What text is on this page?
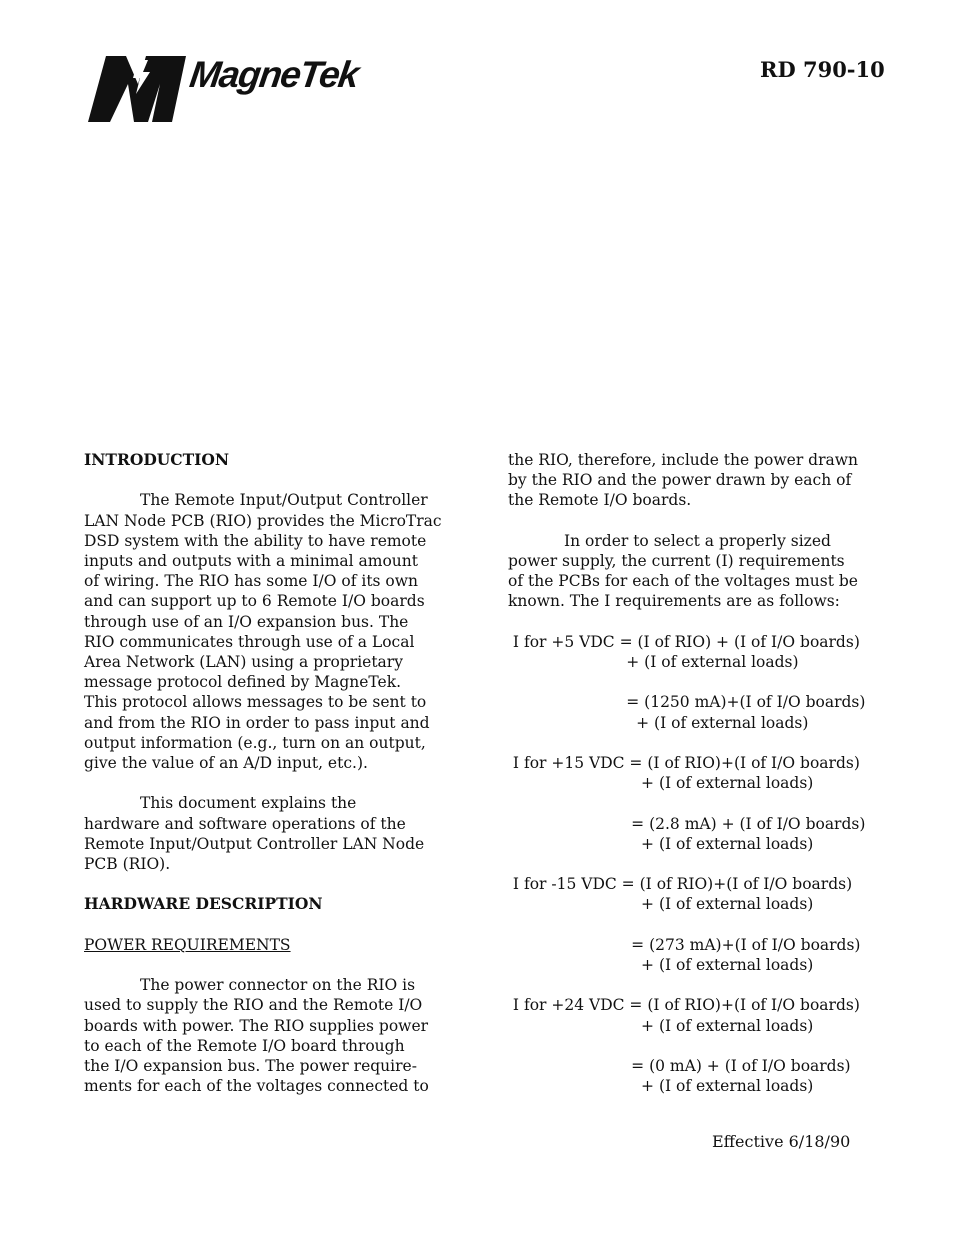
MagneTek	RD 790-10
INTRODUCTION

The Remote Input/Output Controller
LAN Node PCB (RIO) provides the MicroTrac
DSD system with the ability to have remote
inputs and outputs with a minimal amount
of wiring. The RIO has some I/O of its own
and can support up to 6 Remote I/O boards
through use of an I/O expansion bus. The
RIO communicates through use of a Local
Area Network (LAN) using a proprietary
message protocol defined by MagneTek.
This protocol allows messages to be sent to
and from the RIO in order to pass input and
output information (e.g., turn on an output,
give the value of an A/D input, etc.).

This document explains the
hardware and software operations of the
Remote Input/Output Controller LAN Node
PCB (RIO).

HARDWARE DESCRIPTION
POWER REQUIREMENTS

The power connector on the RIO is
used to supply the RIO and the Remote I/O
boards with power. The RIO supplies power
to each of the Remote I/O board through
the I/O expansion bus. The power require-
ments for each of the voltages connected to

the RIO, therefore, include the power drawn
by the RIO and the power drawn by each of
the Remote I/O boards.

In order to select a properly sized
power supply, the current (I) requirements
of the PCBs for each of the voltages must be
known. The I requirements are as follows:

I for +5 VDC = (I of RIO) + (I of I/O boards)

+ (I of external loads)

= (1250 mA)+(I of I/O boards)

+ (I of external loads)

I for +15 VDC = (I of RIO)+(I of I/O boards)

+ (I of external loads)

= (2.8 mA) + (I of I/O boards)

+ (I of external loads)

I for -15 VDC = (I of RIO)+(I of I/O boards)

+ (I of external loads)

= (273 mA)+(I of I/O boards)

+ (I of external loads)

I for +24 VDC = (I of RIO)+(I of I/O boards)

+ (I of external loads)

= (0 mA) + (I of I/O boards)

+ (I of external loads)

Effective 6/18/90
